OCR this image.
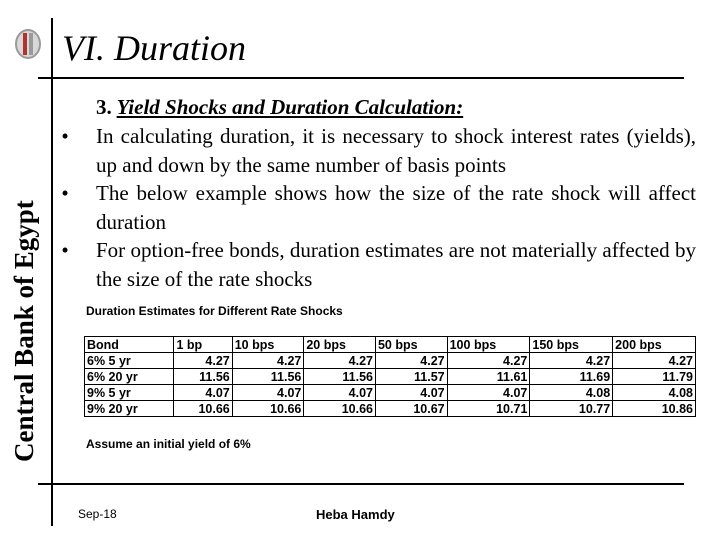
Central Bank of Egypt
VI. Duration
3. Yield Shocks and Duration Calculation:
• In calculating duration, it is necessary to shock interest rates (yields), up and down by the same number of basis points
• The below example shows how the size of the rate shock will affect duration
• For option-free bonds, duration estimates are not materially affected by the size of the rate shocks
Duration Estimates for Different Rate Shocks
Bond	1 bp	10 bps	20 bps	50 bps	100 bps	150 bps	200 bps
6% 5 yr	4.27	4.27	4.27	4.27	4.27	4.27	4.27
6% 20 yr	11.56	11.56	11.56	11.57	11.61	11.69	11.79
9% 5 yr	4.07	4.07	4.07	4.07	4.07	4.08	4.08
9% 20 yr	10.66	10.66	10.66	10.67	10.71	10.77	10.86
Assume an initial yield of 6%
Sep-18	Heba Hamdy
